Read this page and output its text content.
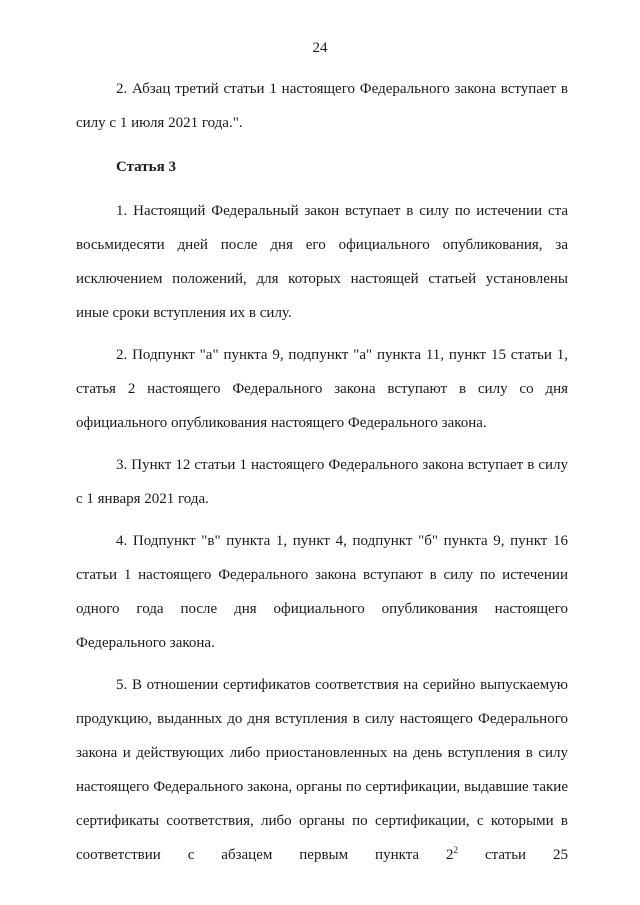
24

2. Абзац третий статьи 1 настоящего Федерального закона вступает в силу с 1 июля 2021 года.".

Статья 3

1. Настоящий Федеральный закон вступает в силу по истечении ста восьмидесяти дней после дня его официального опубликования, за исключением положений, для которых настоящей статьей установлены иные сроки вступления их в силу.

2. Подпункт "а" пункта 9, подпункт "а" пункта 11, пункт 15 статьи 1, статья 2 настоящего Федерального закона вступают в силу со дня официального опубликования настоящего Федерального закона.

3. Пункт 12 статьи 1 настоящего Федерального закона вступает в силу с 1 января 2021 года.

4. Подпункт "в" пункта 1, пункт 4, подпункт "б" пункта 9, пункт 16 статьи 1 настоящего Федерального закона вступают в силу по истечении одного года после дня официального опубликования настоящего Федерального закона.

5. В отношении сертификатов соответствия на серийно выпускаемую продукцию, выданных до дня вступления в силу настоящего Федерального закона и действующих либо приостановленных на день вступления в силу настоящего Федерального закона, органы по сертификации, выдавшие такие сертификаты соответствия, либо органы по сертификации, с которыми в соответствии с абзацем первым пункта $2^2$ статьи 25
